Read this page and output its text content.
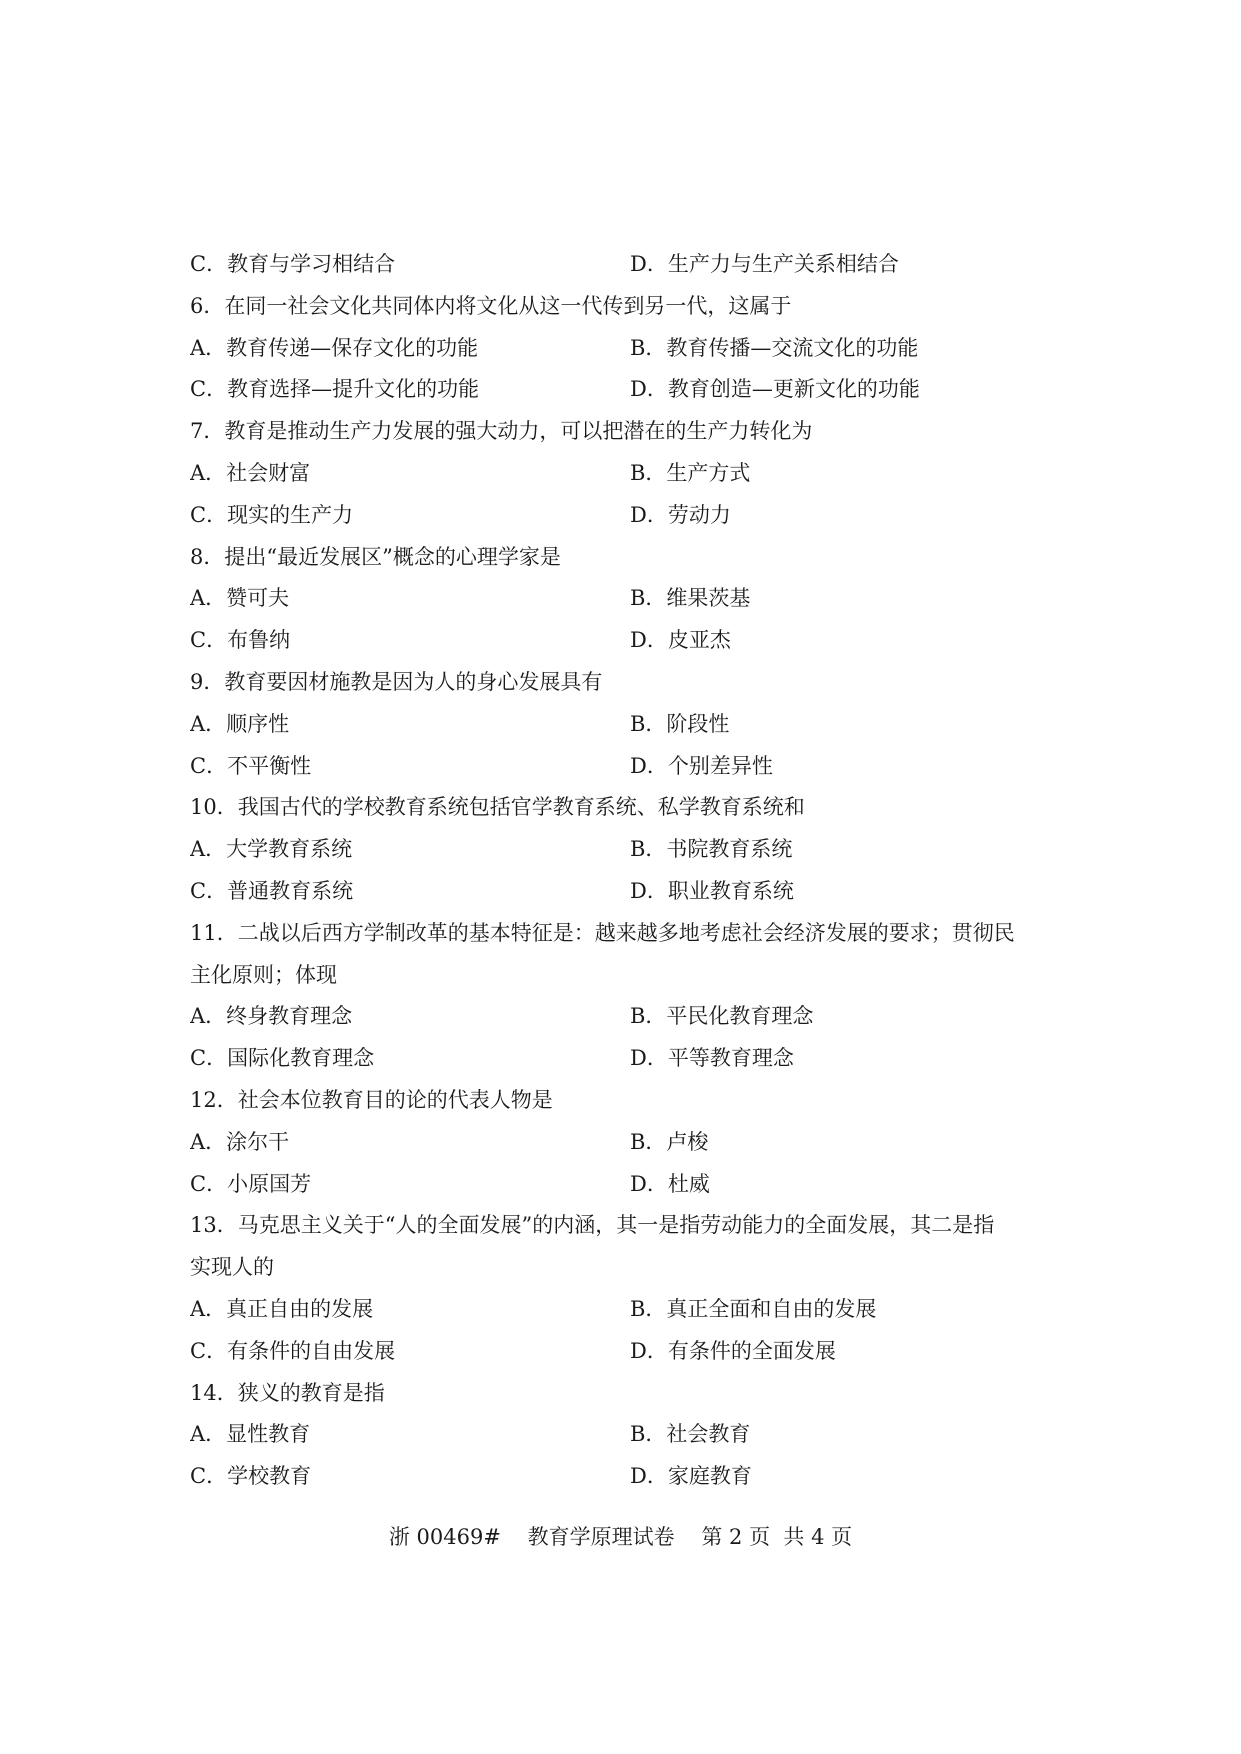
C．教育与学习相结合	D．生产力与生产关系相结合
6．在同一社会文化共同体内将文化从这一代传到另一代，这属于
A．教育传递—保存文化的功能	B．教育传播—交流文化的功能
C．教育选择—提升文化的功能	D．教育创造—更新文化的功能
7．教育是推动生产力发展的强大动力，可以把潜在的生产力转化为
A．社会财富	B．生产方式
C．现实的生产力	D．劳动力
8．提出“最近发展区”概念的心理学家是
A．赞可夫	B．维果茨基
C．布鲁纳	D．皮亚杰
9．教育要因材施教是因为人的身心发展具有
A．顺序性	B．阶段性
C．不平衡性	D．个别差异性
10．我国古代的学校教育系统包括官学教育系统、私学教育系统和
A．大学教育系统	B．书院教育系统
C．普通教育系统	D．职业教育系统
11．二战以后西方学制改革的基本特征是：越来越多地考虑社会经济发展的要求；贯彻民
主化原则；体现
A．终身教育理念	B．平民化教育理念
C．国际化教育理念	D．平等教育理念
12．社会本位教育目的论的代表人物是
A．涂尔干	B．卢梭
C．小原国芳	D．杜威
13．马克思主义关于“人的全面发展”的内涵，其一是指劳动能力的全面发展，其二是指
实现人的
A．真正自由的发展	B．真正全面和自由的发展
C．有条件的自由发展	D．有条件的全面发展
14．狭义的教育是指
A．显性教育	B．社会教育
C．学校教育	D．家庭教育
浙 00469#    教育学原理试卷    第 2 页  共 4 页
